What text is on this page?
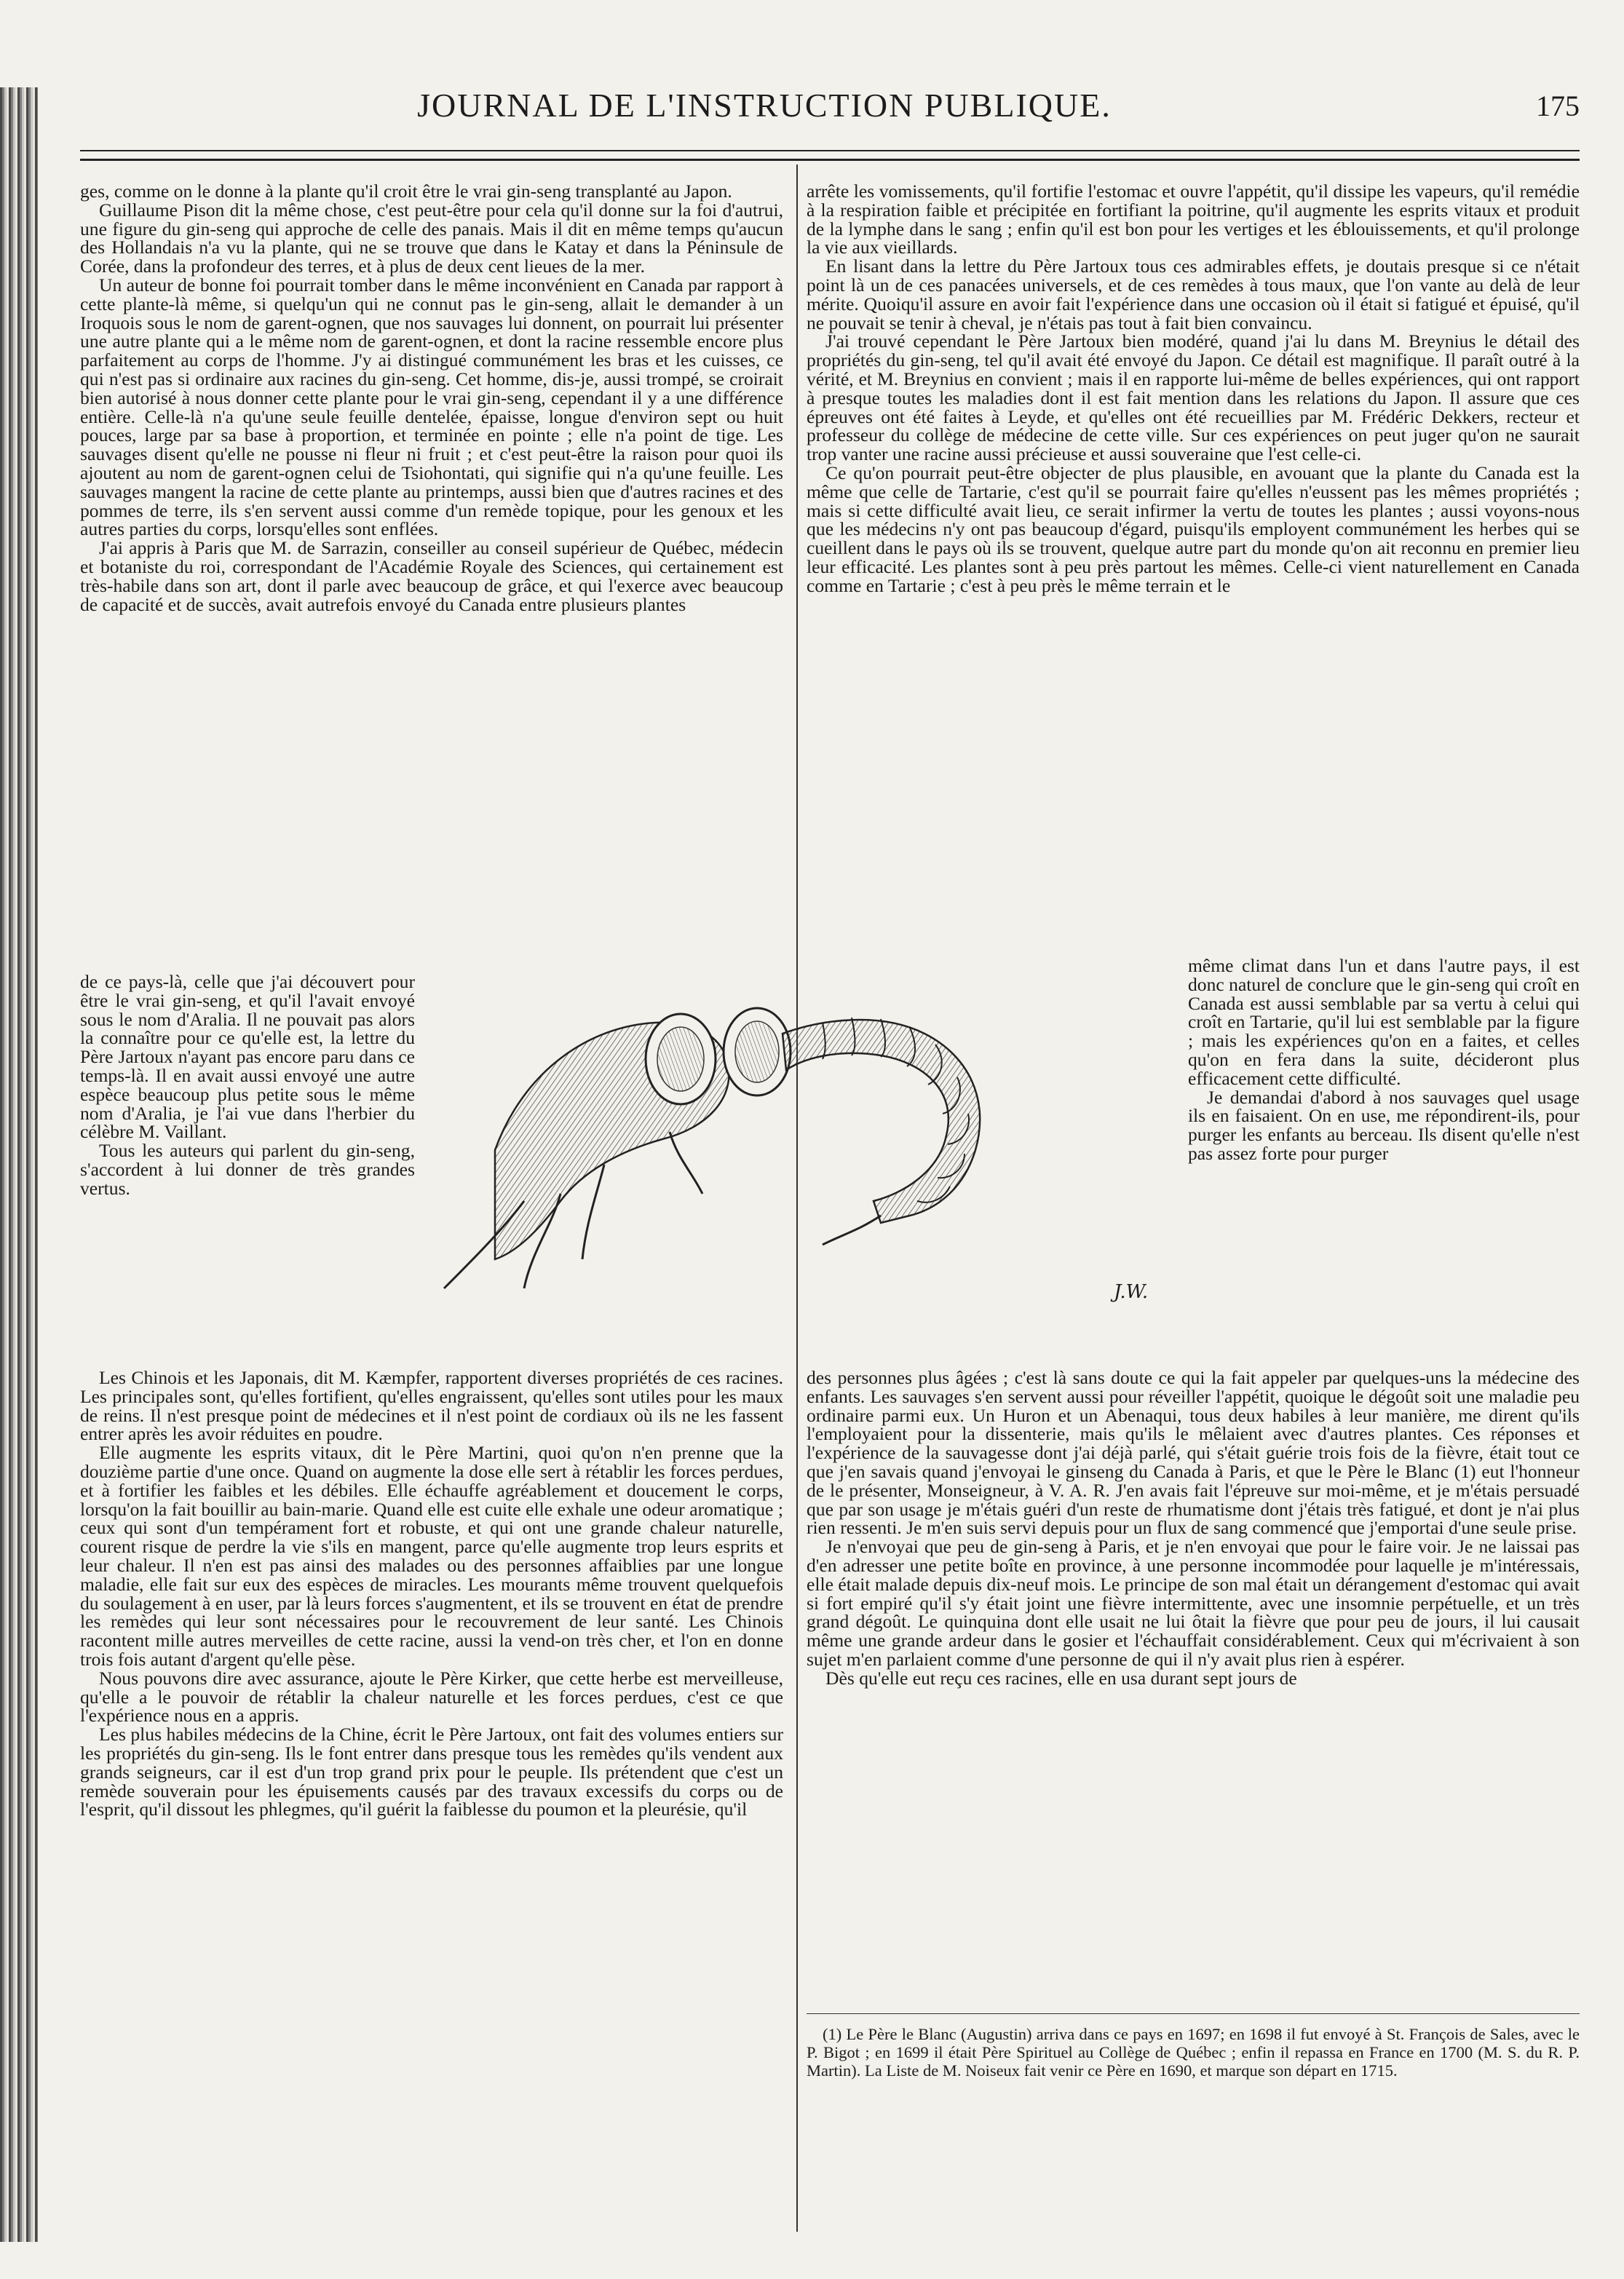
JOURNAL DE L'INSTRUCTION PUBLIQUE.	175

ges, comme on le donne à la plante qu'il croit être le vrai gin-seng transplanté au Japon.

Guillaume Pison dit la même chose, c'est peut-être pour cela qu'il donne sur la foi d'autrui, une figure du gin-seng qui approche de celle des panais. Mais il dit en même temps qu'aucun des Hollandais n'a vu la plante, qui ne se trouve que dans le Katay et dans la Péninsule de Corée, dans la profondeur des terres, et à plus de deux cent lieues de la mer.

Un auteur de bonne foi pourrait tomber dans le même inconvénient en Canada par rapport à cette plante-là même, si quelqu'un qui ne connut pas le gin-seng, allait le demander à un Iroquois sous le nom de garent-ognen, que nos sauvages lui donnent, on pourrait lui présenter une autre plante qui a le même nom de garent-ognen, et dont la racine ressemble encore plus parfaitement au corps de l'homme. J'y ai distingué communément les bras et les cuisses, ce qui n'est pas si ordinaire aux racines du gin-seng. Cet homme, dis-je, aussi trompé, se croirait bien autorisé à nous donner cette plante pour le vrai gin-seng, cependant il y a une différence entière. Celle-là n'a qu'une seule feuille dentelée, épaisse, longue d'environ sept ou huit pouces, large par sa base à proportion, et terminée en pointe ; elle n'a point de tige. Les sauvages disent qu'elle ne pousse ni fleur ni fruit ; et c'est peut-être la raison pour quoi ils ajoutent au nom de garent-ognen celui de Tsiohontati, qui signifie qui n'a qu'une feuille. Les sauvages mangent la racine de cette plante au printemps, aussi bien que d'autres racines et des pommes de terre, ils s'en servent aussi comme d'un remède topique, pour les genoux et les autres parties du corps, lorsqu'elles sont enflées.

J'ai appris à Paris que M. de Sarrazin, conseiller au conseil supérieur de Québec, médecin et botaniste du roi, correspondant de l'Académie Royale des Sciences, qui certainement est très-habile dans son art, dont il parle avec beaucoup de grâce, et qui l'exerce avec beaucoup de capacité et de succès, avait autrefois envoyé du Canada entre plusieurs plantes

de ce pays-là, celle que j'ai découvert pour être le vrai gin-seng, et qu'il l'avait envoyé sous le nom d'Aralia. Il ne pouvait pas alors la connaître pour ce qu'elle est, la lettre du Père Jartoux n'ayant pas encore paru dans ce temps-là. Il en avait aussi envoyé une autre espèce beaucoup plus petite sous le même nom d'Aralia, je l'ai vue dans l'herbier du célèbre M. Vaillant.

Tous les auteurs qui parlent du gin-seng, s'accordent à lui donner de très grandes vertus.

Les Chinois et les Japonais, dit M. Kæmpfer, rapportent diverses propriétés de ces racines. Les principales sont, qu'elles fortifient, qu'elles engraissent, qu'elles sont utiles pour les maux de reins. Il n'est presque point de médecines et il n'est point de cordiaux où ils ne les fassent entrer après les avoir réduites en poudre.

Elle augmente les esprits vitaux, dit le Père Martini, quoi qu'on n'en prenne que la douzième partie d'une once. Quand on augmente la dose elle sert à rétablir les forces perdues, et à fortifier les faibles et les débiles. Elle échauffe agréablement et doucement le corps, lorsqu'on la fait bouillir au bain-marie. Quand elle est cuite elle exhale une odeur aromatique ; ceux qui sont d'un tempérament fort et robuste, et qui ont une grande chaleur naturelle, courent risque de perdre la vie s'ils en mangent, parce qu'elle augmente trop leurs esprits et leur chaleur. Il n'en est pas ainsi des malades ou des personnes affaiblies par une longue maladie, elle fait sur eux des espèces de miracles. Les mourants même trouvent quelquefois du soulagement à en user, par là leurs forces s'augmentent, et ils se trouvent en état de prendre les remèdes qui leur sont nécessaires pour le recouvrement de leur santé. Les Chinois racontent mille autres merveilles de cette racine, aussi la vend-on très cher, et l'on en donne trois fois autant d'argent qu'elle pèse.

Nous pouvons dire avec assurance, ajoute le Père Kirker, que cette herbe est merveilleuse, qu'elle a le pouvoir de rétablir la chaleur naturelle et les forces perdues, c'est ce que l'expérience nous en a appris.

Les plus habiles médecins de la Chine, écrit le Père Jartoux, ont fait des volumes entiers sur les propriétés du gin-seng. Ils le font entrer dans presque tous les remèdes qu'ils vendent aux grands seigneurs, car il est d'un trop grand prix pour le peuple. Ils prétendent que c'est un remède souverain pour les épuisements causés par des travaux excessifs du corps ou de l'esprit, qu'il dissout les phlegmes, qu'il guérit la faiblesse du poumon et la pleurésie, qu'il

arrête les vomissements, qu'il fortifie l'estomac et ouvre l'appétit, qu'il dissipe les vapeurs, qu'il remédie à la respiration faible et précipitée en fortifiant la poitrine, qu'il augmente les esprits vitaux et produit de la lymphe dans le sang ; enfin qu'il est bon pour les vertiges et les éblouissements, et qu'il prolonge la vie aux vieillards.

En lisant dans la lettre du Père Jartoux tous ces admirables effets, je doutais presque si ce n'était point là un de ces panacées universels, et de ces remèdes à tous maux, que l'on vante au delà de leur mérite. Quoiqu'il assure en avoir fait l'expérience dans une occasion où il était si fatigué et épuisé, qu'il ne pouvait se tenir à cheval, je n'étais pas tout à fait bien convaincu.

J'ai trouvé cependant le Père Jartoux bien modéré, quand j'ai lu dans M. Breynius le détail des propriétés du gin-seng, tel qu'il avait été envoyé du Japon. Ce détail est magnifique. Il paraît outré à la vérité, et M. Breynius en convient ; mais il en rapporte lui-même de belles expériences, qui ont rapport à presque toutes les maladies dont il est fait mention dans les relations du Japon. Il assure que ces épreuves ont été faites à Leyde, et qu'elles ont été recueillies par M. Frédéric Dekkers, recteur et professeur du collège de médecine de cette ville. Sur ces expériences on peut juger qu'on ne saurait trop vanter une racine aussi précieuse et aussi souveraine que l'est celle-ci.

Ce qu'on pourrait peut-être objecter de plus plausible, en avouant que la plante du Canada est la même que celle de Tartarie, c'est qu'il se pourrait faire qu'elles n'eussent pas les mêmes propriétés ; mais si cette difficulté avait lieu, ce serait infirmer la vertu de toutes les plantes ; aussi voyons-nous que les médecins n'y ont pas beaucoup d'égard, puisqu'ils employent communément les herbes qui se cueillent dans le pays où ils se trouvent, quelque autre part du monde qu'on ait reconnu en premier lieu leur efficacité. Les plantes sont à peu près partout les mêmes. Celle-ci vient naturellement en Canada comme en Tartarie ; c'est à peu près le même terrain et le

même climat dans l'un et dans l'autre pays, il est donc naturel de conclure que le gin-seng qui croît en Canada est aussi semblable par sa vertu à celui qui croît en Tartarie, qu'il lui est semblable par la figure ; mais les expériences qu'on en a faites, et celles qu'on en fera dans la suite, décideront plus efficacement cette difficulté.

Je demandai d'abord à nos sauvages quel usage ils en faisaient. On en use, me répondirent-ils, pour purger les enfants au berceau. Ils disent qu'elle n'est pas assez forte pour purger

des personnes plus âgées ; c'est là sans doute ce qui la fait appeler par quelques-uns la médecine des enfants. Les sauvages s'en servent aussi pour réveiller l'appétit, quoique le dégoût soit une maladie peu ordinaire parmi eux. Un Huron et un Abenaqui, tous deux habiles à leur manière, me dirent qu'ils l'employaient pour la dissenterie, mais qu'ils le mêlaient avec d'autres plantes. Ces réponses et l'expérience de la sauvagesse dont j'ai déjà parlé, qui s'était guérie trois fois de la fièvre, était tout ce que j'en savais quand j'envoyai le ginseng du Canada à Paris, et que le Père le Blanc (1) eut l'honneur de le présenter, Monseigneur, à V. A. R. J'en avais fait l'épreuve sur moi-même, et je m'étais persuadé que par son usage je m'étais guéri d'un reste de rhumatisme dont j'étais très fatigué, et dont je n'ai plus rien ressenti. Je m'en suis servi depuis pour un flux de sang commencé que j'emportai d'une seule prise.

Je n'envoyai que peu de gin-seng à Paris, et je n'en envoyai que pour le faire voir. Je ne laissai pas d'en adresser une petite boîte en province, à une personne incommodée pour laquelle je m'intéressais, elle était malade depuis dix-neuf mois. Le principe de son mal était un dérangement d'estomac qui avait si fort empiré qu'il s'y était joint une fièvre intermittente, avec une insomnie perpétuelle, et un très grand dégoût. Le quinquina dont elle usait ne lui ôtait la fièvre que pour peu de jours, il lui causait même une grande ardeur dans le gosier et l'échauffait considérablement. Ceux qui m'écrivaient à son sujet m'en parlaient comme d'une personne de qui il n'y avait plus rien à espérer.

Dès qu'elle eut reçu ces racines, elle en usa durant sept jours de

(1) Le Père le Blanc (Augustin) arriva dans ce pays en 1697; en 1698 il fut envoyé à St. François de Sales, avec le P. Bigot ; en 1699 il était Père Spirituel au Collège de Québec ; enfin il repassa en France en 1700 (M. S. du R. P. Martin). La Liste de M. Noiseux fait venir ce Père en 1690, et marque son départ en 1715.

J.W.
